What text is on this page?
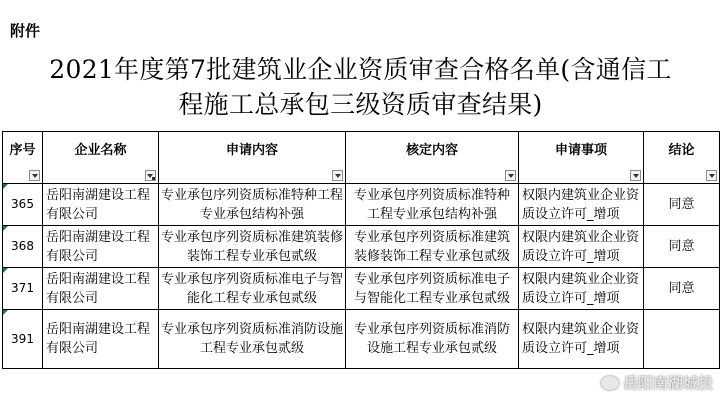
附件
2021年度第7批建筑业企业资质审查合格名单(含通信工
程施工总承包三级资质审查结果)
序号	企业名称	申请内容	核定内容	申请事项	结论

365	岳阳南湖建设工程有限公司	专业承包序列资质标准特种工程专业承包结构补强	专业承包序列资质标准特种工程专业承包结构补强	权限内建筑业企业资质设立许可_增项	同意

368	岳阳南湖建设工程有限公司	专业承包序列资质标准建筑装修装饰工程专业承包贰级	专业承包序列资质标准建筑装修装饰工程专业承包贰级	权限内建筑业企业资质设立许可_增项	同意

371	岳阳南湖建设工程有限公司	专业承包序列资质标准电子与智能化工程专业承包贰级	专业承包序列资质标准电子与智能化工程专业承包贰级	权限内建筑业企业资质设立许可_增项	同意

391	岳阳南湖建设工程有限公司	专业承包序列资质标准消防设施工程专业承包贰级	专业承包序列资质标准消防设施工程专业承包贰级	权限内建筑业企业资质设立许可_增项	
岳阳南湖城投
